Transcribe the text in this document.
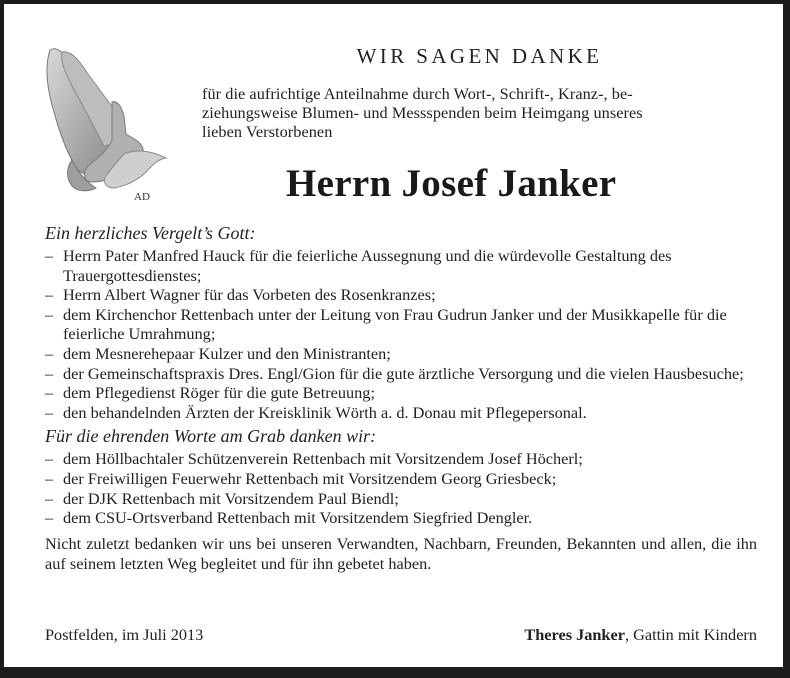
AD
WIR SAGEN DANKE
für die aufrichtige Anteilnahme durch Wort-, Schrift-, Kranz-, be-
ziehungsweise Blumen- und Messspenden beim Heimgang unseres
lieben Verstorbenen
Herrn Josef Janker
Ein herzliches Vergelt’s Gott:
– Herrn Pater Manfred Hauck für die feierliche Aussegnung und die würdevolle Gestaltung des Trauergottesdienstes;
– Herrn Albert Wagner für das Vorbeten des Rosenkranzes;
– dem Kirchenchor Rettenbach unter der Leitung von Frau Gudrun Janker und der Musikkapelle für die feierliche Umrahmung;
– dem Mesnerehepaar Kulzer und den Ministranten;
– der Gemeinschaftspraxis Dres. Engl/Gion für die gute ärztliche Versorgung und die vielen Hausbesuche;
– dem Pflegedienst Röger für die gute Betreuung;
– den behandelnden Ärzten der Kreisklinik Wörth a. d. Donau mit Pflegepersonal.
Für die ehrenden Worte am Grab danken wir:
– dem Höllbachtaler Schützenverein Rettenbach mit Vorsitzendem Josef Höcherl;
– der Freiwilligen Feuerwehr Rettenbach mit Vorsitzendem Georg Griesbeck;
– der DJK Rettenbach mit Vorsitzendem Paul Biendl;
– dem CSU-Ortsverband Rettenbach mit Vorsitzendem Siegfried Dengler.
Nicht zuletzt bedanken wir uns bei unseren Verwandten, Nachbarn, Freunden, Bekannten und allen, die ihn auf seinem letzten Weg begleitet und für ihn gebetet haben.
Postfelden, im Juli 2013	Theres Janker, Gattin mit Kindern
